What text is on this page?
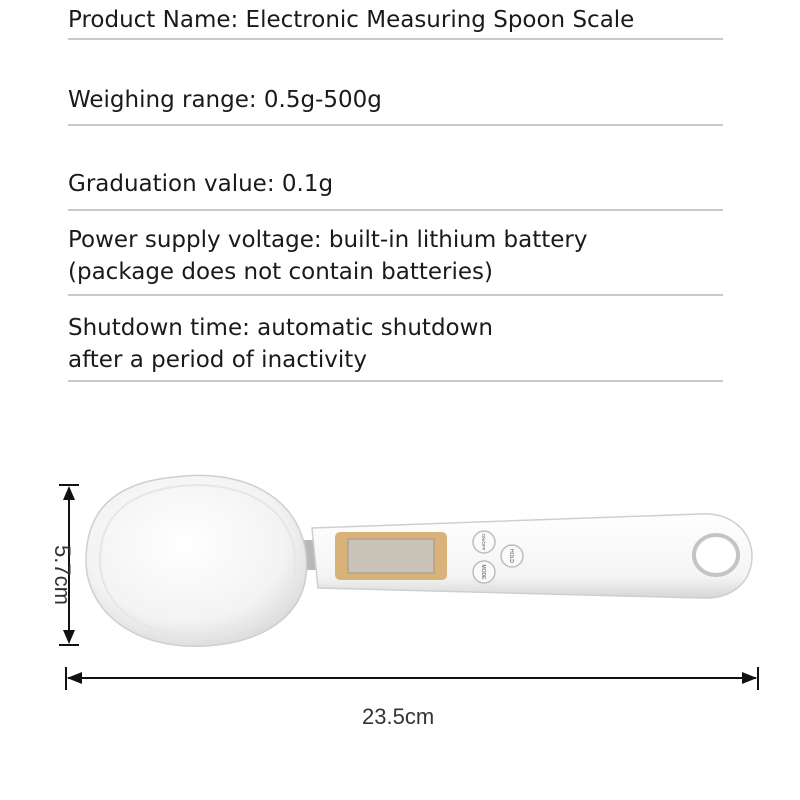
Product Name: Electronic Measuring Spoon Scale
Weighing range: 0.5g-500g
Graduation value: 0.1g
Power supply voltage: built-in lithium battery
(package does not contain batteries)
Shutdown time: automatic shutdown
after a period of inactivity
ON/OFF
HOLD
MODE
5.7cm
23.5cm
